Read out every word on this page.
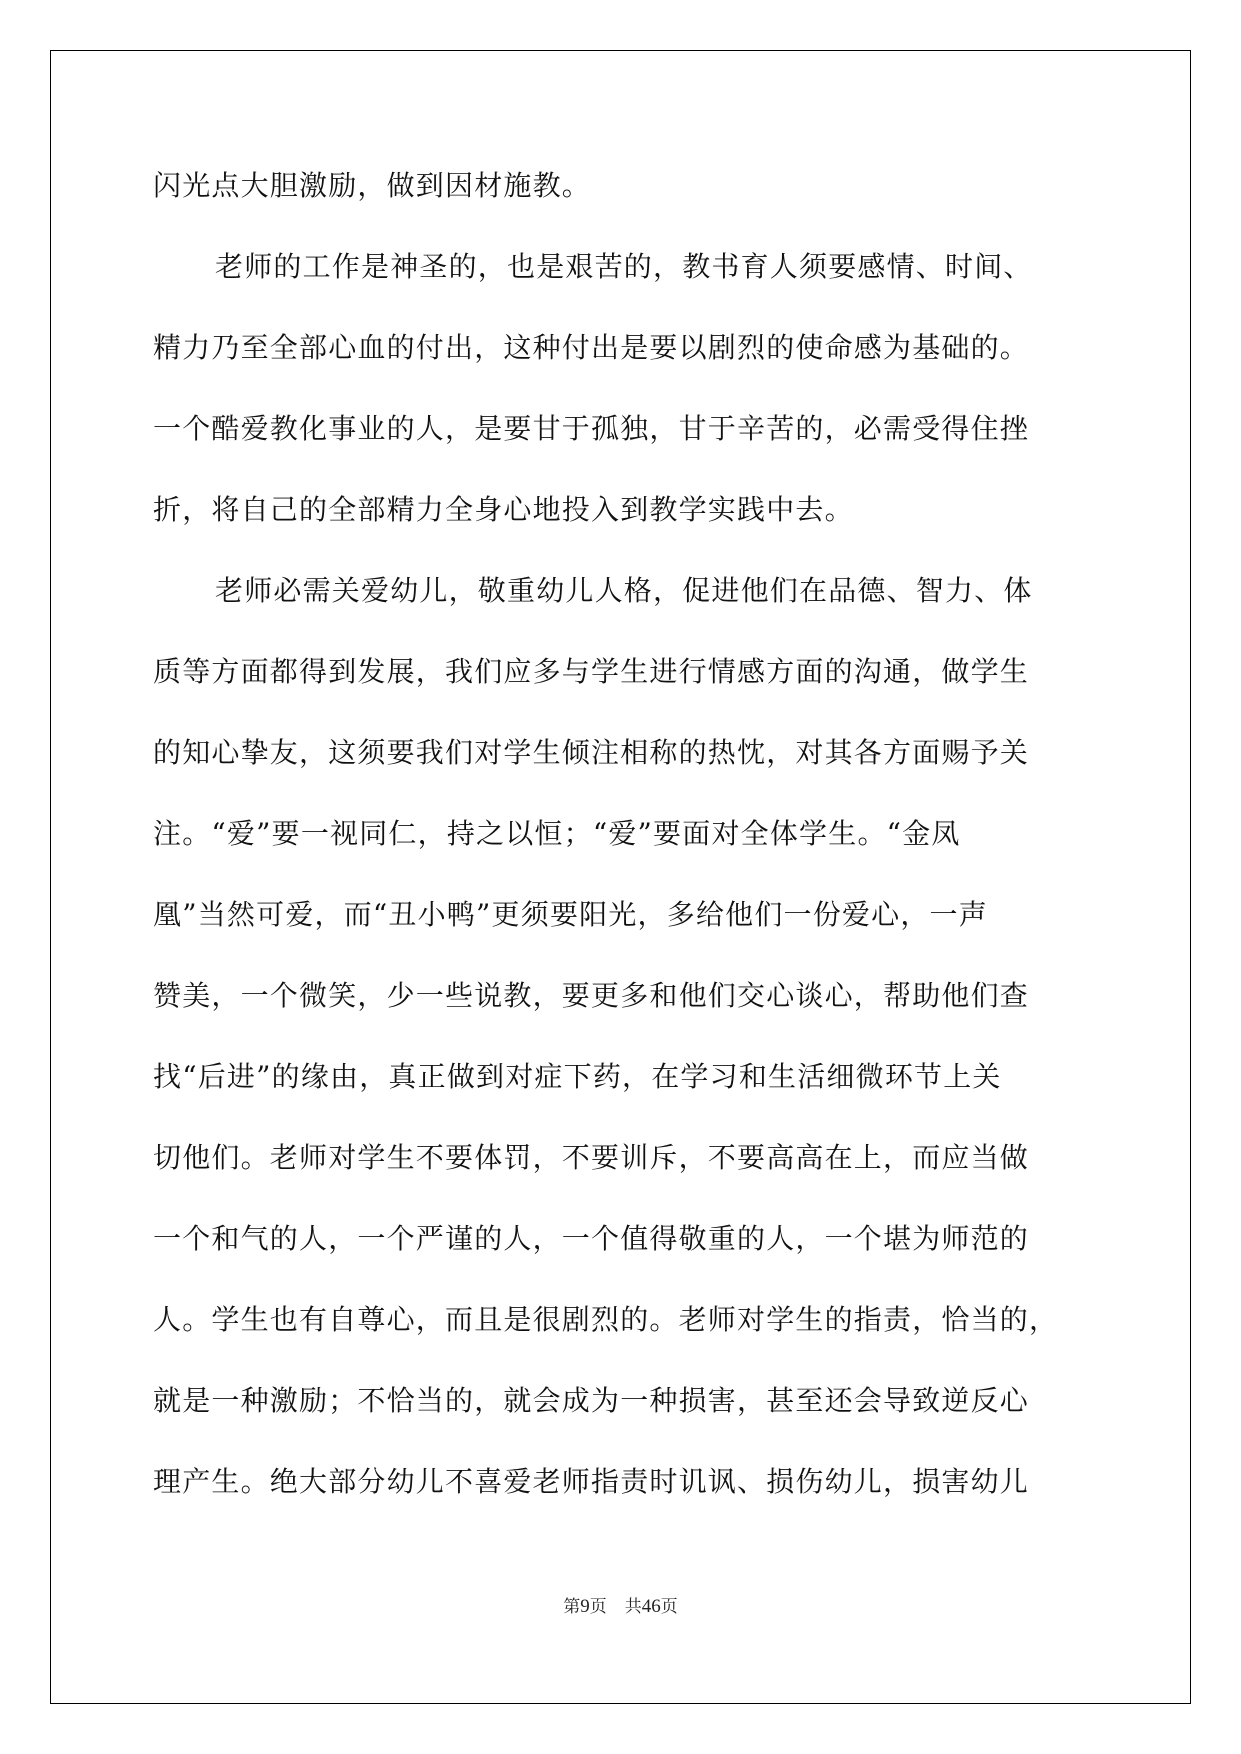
闪光点大胆激励，做到因材施教。
老师的工作是神圣的，也是艰苦的，教书育人须要感情、时间、
精力乃至全部心血的付出，这种付出是要以剧烈的使命感为基础的。
一个酷爱教化事业的人，是要甘于孤独，甘于辛苦的，必需受得住挫
折，将自己的全部精力全身心地投入到教学实践中去。
老师必需关爱幼儿，敬重幼儿人格，促进他们在品德、智力、体
质等方面都得到发展，我们应多与学生进行情感方面的沟通，做学生
的知心挚友，这须要我们对学生倾注相称的热忱，对其各方面赐予关
注。“爱”要一视同仁，持之以恒；“爱”要面对全体学生。“金凤
凰”当然可爱，而“丑小鸭”更须要阳光，多给他们一份爱心，一声
赞美，一个微笑，少一些说教，要更多和他们交心谈心，帮助他们查
找“后进”的缘由，真正做到对症下药，在学习和生活细微环节上关
切他们。老师对学生不要体罚，不要训斥，不要高高在上，而应当做
一个和气的人，一个严谨的人，一个值得敬重的人，一个堪为师范的
人。学生也有自尊心，而且是很剧烈的。老师对学生的指责，恰当的，
就是一种激励；不恰当的，就会成为一种损害，甚至还会导致逆反心
理产生。绝大部分幼儿不喜爱老师指责时讥讽、损伤幼儿，损害幼儿
第9页 共46页
